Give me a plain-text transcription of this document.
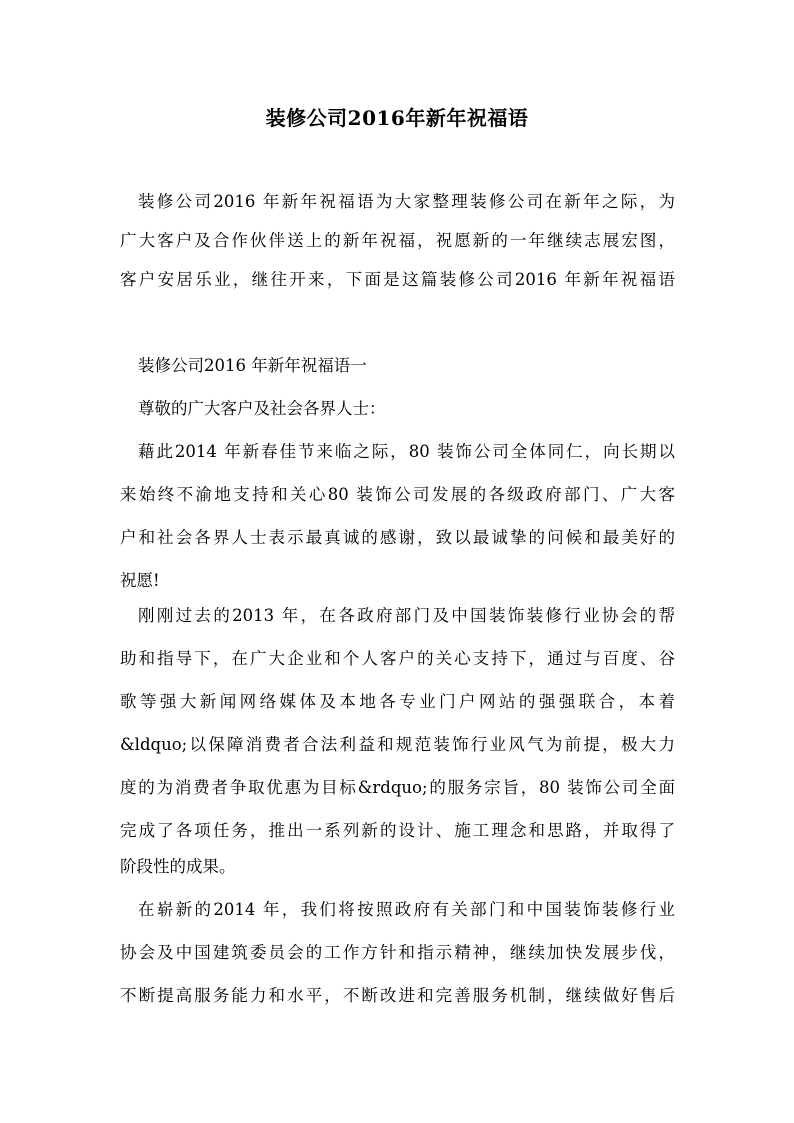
装修公司2016年新年祝福语
装修公司2016 年新年祝福语为大家整理装修公司在新年之际，为
广大客户及合作伙伴送上的新年祝福，祝愿新的一年继续志展宏图，
客户安居乐业，继往开来，下面是这篇装修公司2016 年新年祝福语
装修公司2016 年新年祝福语一
尊敬的广大客户及社会各界人士：
藉此2014 年新春佳节来临之际，80 装饰公司全体同仁，向长期以
来始终不渝地支持和关心80 装饰公司发展的各级政府部门、广大客
户和社会各界人士表示最真诚的感谢，致以最诚挚的问候和最美好的
祝愿!
刚刚过去的2013 年，在各政府部门及中国装饰装修行业协会的帮
助和指导下，在广大企业和个人客户的关心支持下，通过与百度、谷
歌等强大新闻网络媒体及本地各专业门户网站的强强联合，本着
&ldquo;以保障消费者合法利益和规范装饰行业风气为前提，极大力
度的为消费者争取优惠为目标&rdquo;的服务宗旨，80 装饰公司全面
完成了各项任务，推出一系列新的设计、施工理念和思路，并取得了
阶段性的成果。
在崭新的2014 年，我们将按照政府有关部门和中国装饰装修行业
协会及中国建筑委员会的工作方针和指示精神，继续加快发展步伐，
不断提高服务能力和水平，不断改进和完善服务机制，继续做好售后
